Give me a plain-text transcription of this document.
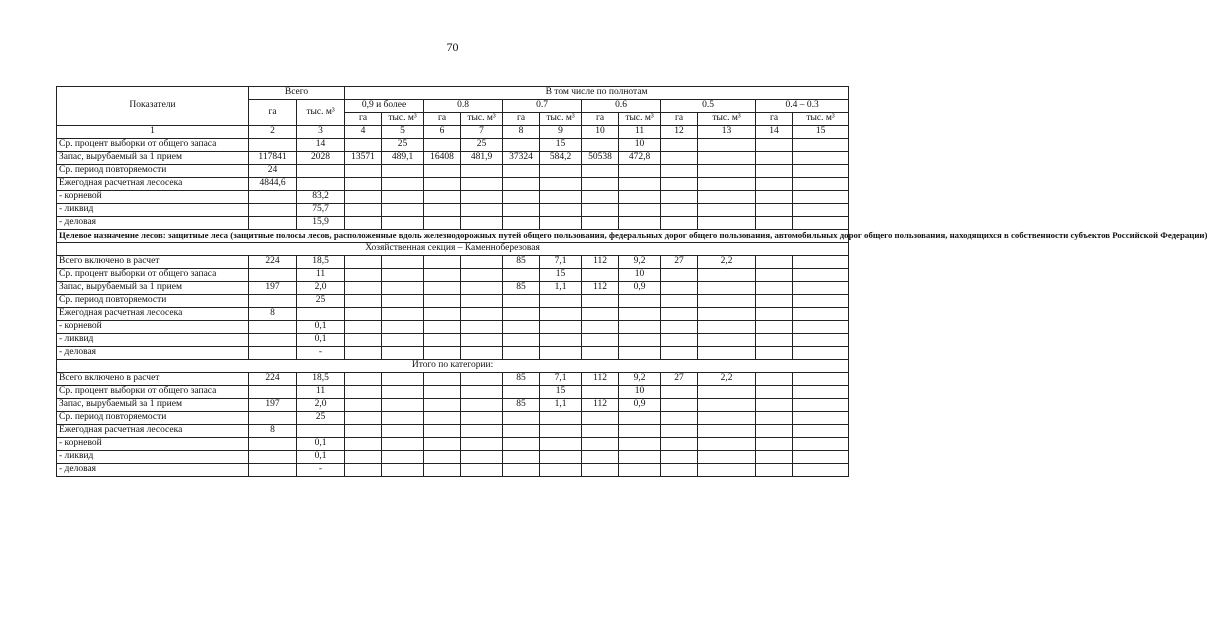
70
Показатели	Всего		В том числе по полнотам											
	га	тыс. м³	0,9 и более		0.8		0.7		0.6		0.5		0.4 – 0.3	
			га	тыс. м³	га	тыс. м³	га	тыс. м³	га	тыс. м³	га	тыс. м³	га	тыс. м³
1	2	3	4	5	6	7	8	9	10	11	12	13	14	15
Ср. процент выборки от общего запаса		14		25		25		15		10				
Запас, вырубаемый за 1 прием	117841	2028	13571	489,1	16408	481,9	37324	584,2	50538	472,8				
Ср. период повторяемости	24													
Ежегодная расчетная лесосека	4844,6													
- корневой		83,2												
- ликвид		75,7												
- деловая		15,9												
Целевое назначение лесов: защитные леса (защитные полосы лесов, расположенные вдоль железнодорожных путей общего пользования, федеральных дорог общего пользования, автомобильных дорог общего пользования, находящихся в собственности субъектов Российской Федерации)														
Хозяйственная секция – Каменноберезовая														
Всего включено в расчет	224	18,5					85	7,1	112	9,2	27	2,2		
Ср. процент выборки от общего запаса		11						15		10				
Запас, вырубаемый за 1 прием	197	2,0					85	1,1	112	0,9				
Ср. период повторяемости		25												
Ежегодная расчетная лесосека	8													
- корневой		0,1												
- ликвид		0,1												
- деловая		-												
Итого по категории:														
Всего включено в расчет	224	18,5					85	7,1	112	9,2	27	2,2		
Ср. процент выборки от общего запаса		11						15		10				
Запас, вырубаемый за 1 прием	197	2,0					85	1,1	112	0,9				
Ср. период повторяемости		25												
Ежегодная расчетная лесосека	8													
- корневой		0,1												
- ликвид		0,1												
- деловая		-												
